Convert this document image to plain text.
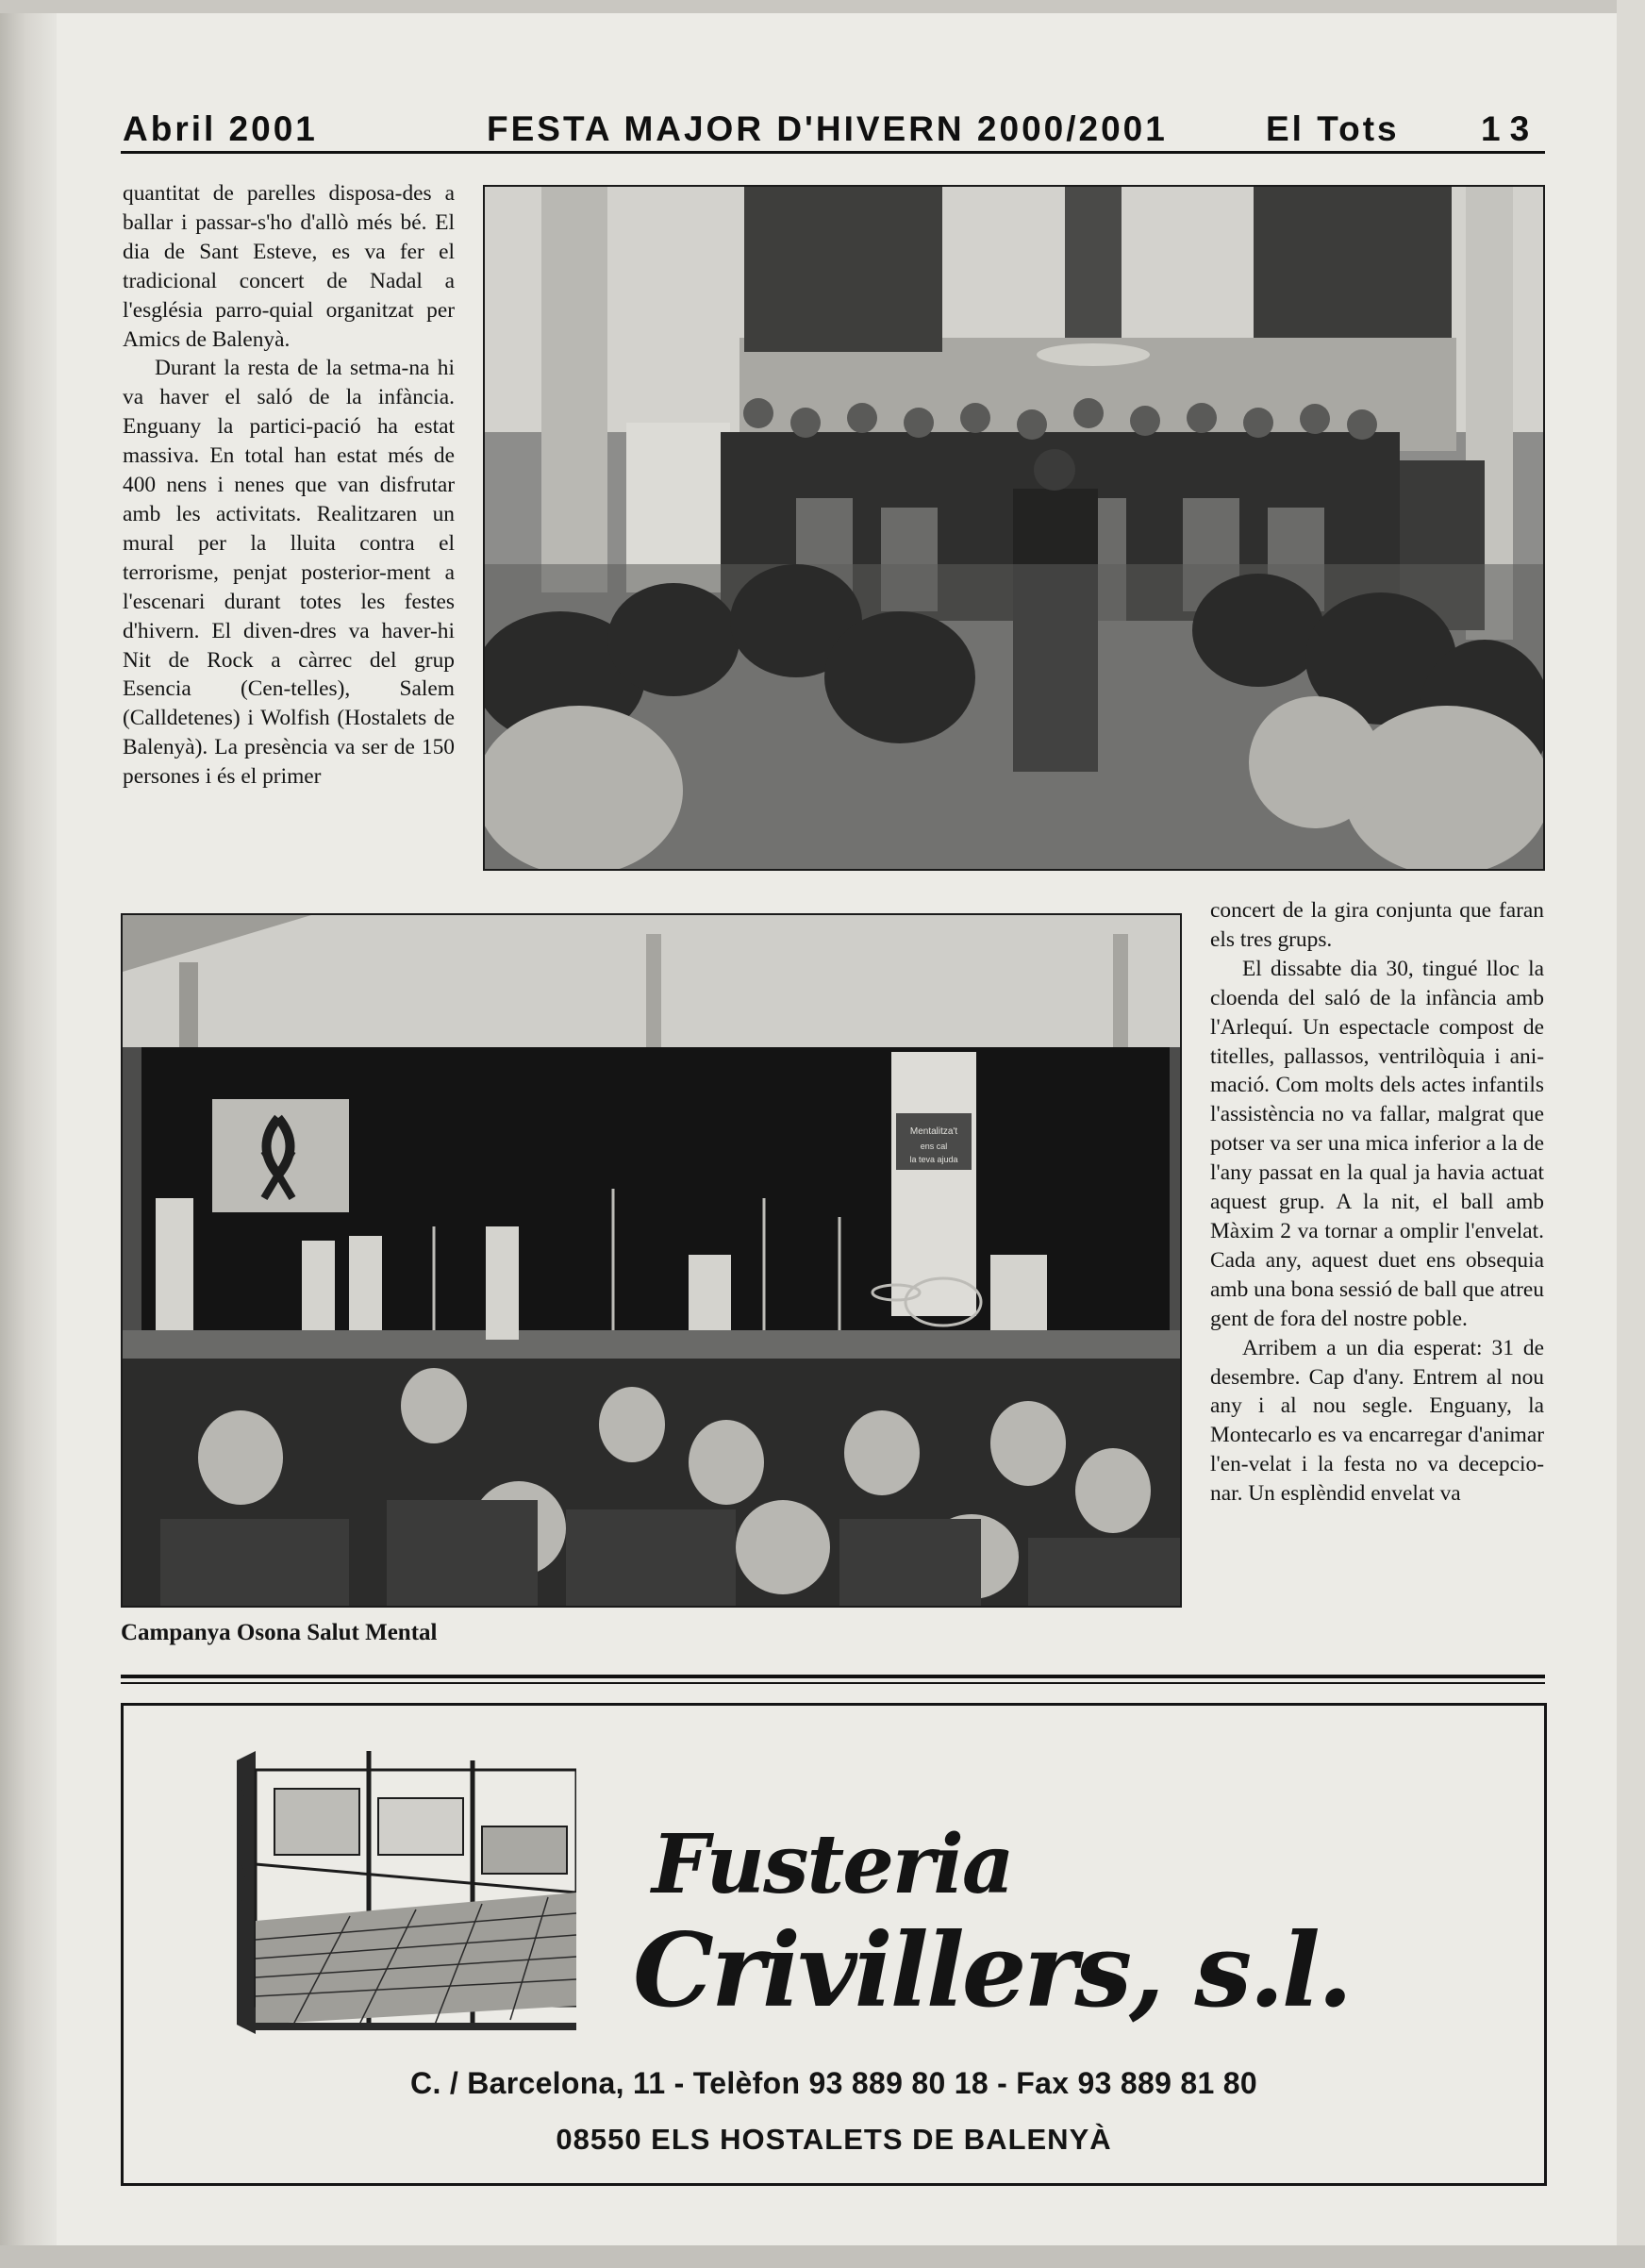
Abril 2001	FESTA MAJOR D'HIVERN 2000/2001	El Tots 13

quantitat de parelles disposa-des a ballar i passar-s'ho d'allò més bé. El dia de Sant Esteve, es va fer el tradicional concert de Nadal a l'església parro-quial organitzat per Amics de Balenyà.

Durant la resta de la setma-na hi va haver el saló de la infància. Enguany la partici-pació ha estat massiva. En total han estat més de 400 nens i nenes que van disfrutar amb les activitats. Realitzaren un mural per la lluita contra el terrorisme, penjat posterior-ment a l'escenari durant totes les festes d'hivern. El diven-dres va haver-hi Nit de Rock a càrrec del grup Esencia (Cen-telles), Salem (Calldetenes) i Wolfish (Hostalets de Balenyà). La presència va ser de 150 persones i és el primer

Mentalitza't
ens cal
la teva ajuda
Campanya Osona Salut Mental

concert de la gira conjunta que faran els tres grups.

El dissabte dia 30, tingué lloc la cloenda del saló de la infància amb l'Arlequí. Un espectacle compost de titelles, pallassos, ventrilòquia i ani-mació. Com molts dels actes infantils l'assistència no va fallar, malgrat que potser va ser una mica inferior a la de l'any passat en la qual ja havia actuat aquest grup. A la nit, el ball amb Màxim 2 va tornar a omplir l'envelat. Cada any, aquest duet ens obsequia amb una bona sessió de ball que atreu gent de fora del nostre poble.

Arribem a un dia esperat: 31 de desembre. Cap d'any. Entrem al nou any i al nou segle. Enguany, la Montecarlo es va encarregar d'animar l'en-velat i la festa no va decepcio-nar. Un esplèndid envelat va

Fusteria
Crivillers, s.l.
C. / Barcelona, 11 - Telèfon 93 889 80 18 - Fax 93 889 81 80
08550 ELS HOSTALETS DE BALENYÀ
